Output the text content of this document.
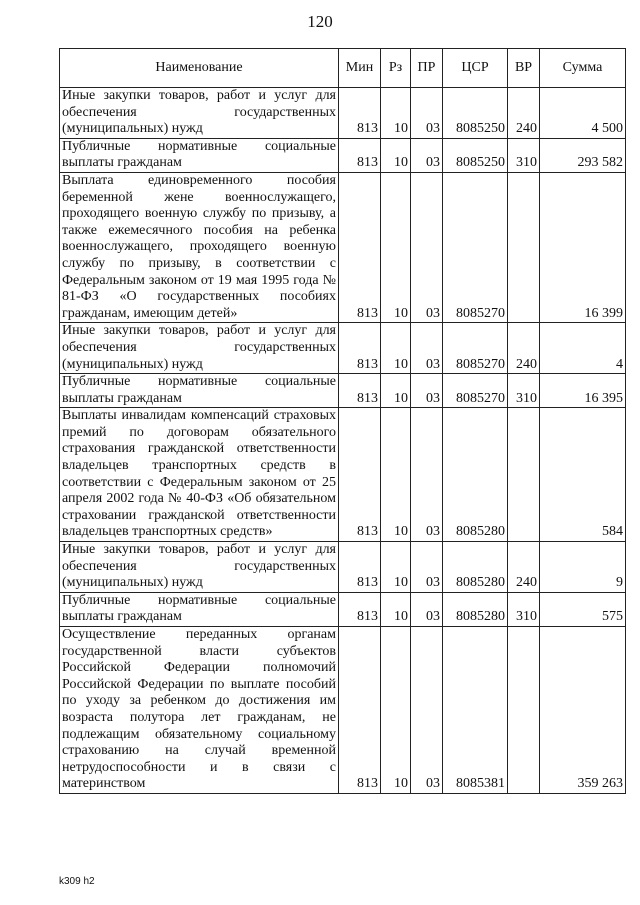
120
Наименование	Мин	Рз	ПР	ЦСР	ВР	Сумма
Иные закупки товаров, работ и услуг для обеспечения государственных (муниципальных) нужд	813	10	03	8085250	240	4 500
Публичные нормативные социальные выплаты гражданам	813	10	03	8085250	310	293 582
Выплата единовременного пособия беременной жене военнослужащего, проходящего военную службу по призыву, а также ежемесячного пособия на ребенка военнослужащего, проходящего военную службу по призыву, в соответствии с Федеральным законом от 19 мая 1995 года № 81-ФЗ «О государственных пособиях гражданам, имеющим детей»	813	10	03	8085270		16 399
Иные закупки товаров, работ и услуг для обеспечения государственных (муниципальных) нужд	813	10	03	8085270	240	4
Публичные нормативные социальные выплаты гражданам	813	10	03	8085270	310	16 395
Выплаты инвалидам компенсаций страховых премий по договорам обязательного страхования гражданской ответственности владельцев транспортных средств в соответствии с Федеральным законом от 25 апреля 2002 года № 40-ФЗ «Об обязательном страховании гражданской ответственности владельцев транспортных средств»	813	10	03	8085280		584
Иные закупки товаров, работ и услуг для обеспечения государственных (муниципальных) нужд	813	10	03	8085280	240	9
Публичные нормативные социальные выплаты гражданам	813	10	03	8085280	310	575
Осуществление переданных органам государственной власти субъектов Российской Федерации полномочий Российской Федерации по выплате пособий по уходу за ребенком до достижения им возраста полутора лет гражданам, не подлежащим обязательному социальному страхованию на случай временной нетрудоспособности и в связи с материнством	813	10	03	8085381		359 263
k309 h2
